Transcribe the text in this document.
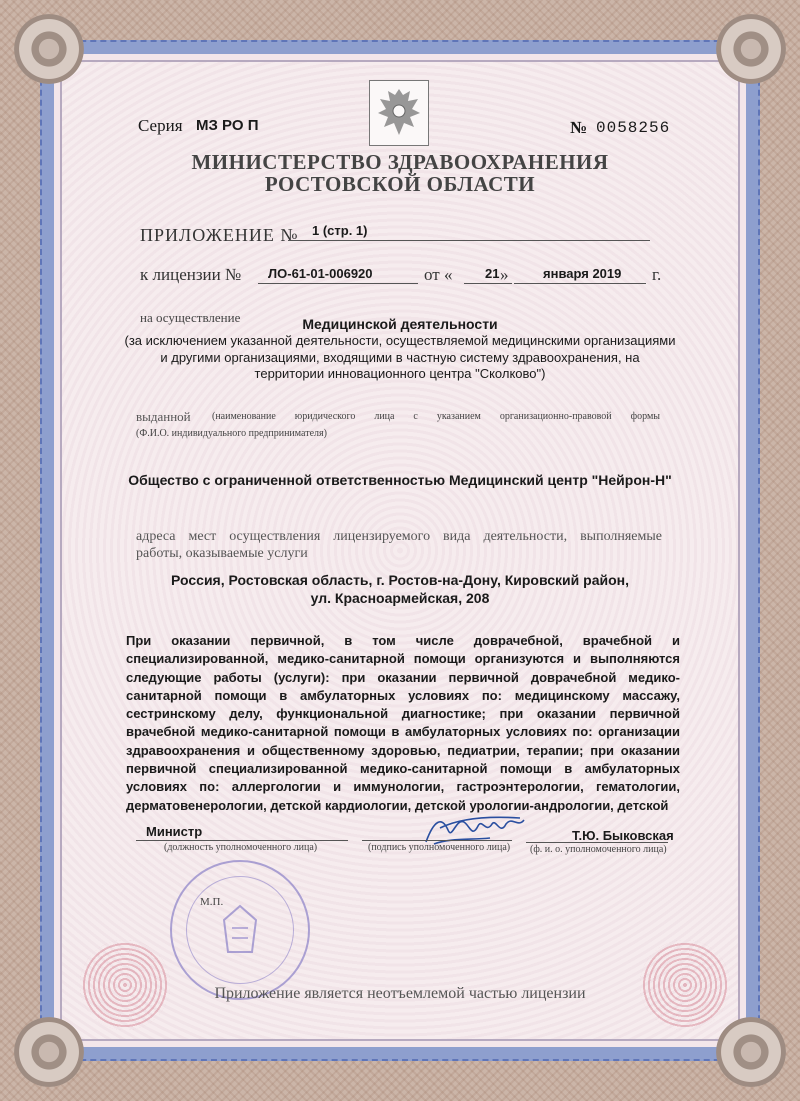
Серия МЗ РО П	№ 0058256
МИНИСТЕРСТВО ЗДРАВООХРАНЕНИЯ
РОСТОВСКОЙ ОБЛАСТИ
ПРИЛОЖЕНИЕ № 1 (стр. 1)
к лицензии № ЛО-61-01-006920	от «	21 »	января 2019 г.
на осуществление	Медицинской деятельности
(за исключением указанной деятельности, осуществляемой медицинскими организациями
и другими организациями, входящими в частную систему здравоохранения, на
территории инновационного центра "Сколково")
выданной (наименование юридического лица с указанием организационно-правовой формы
(Ф.И.О. индивидуального предпринимателя)
Общество с ограниченной ответственностью Медицинский центр "Нейрон-Н"
адреса мест осуществления лицензируемого вида деятельности, выполняемые
работы, оказываемые услуги
Россия, Ростовская область, г. Ростов-на-Дону, Кировский район,
ул. Красноармейская, 208
При оказании первичной, в том числе доврачебной, врачебной и
специализированной, медико-санитарной помощи организуются и выполняются
следующие работы (услуги): при оказании первичной доврачебной медико-
санитарной помощи в амбулаторных условиях по: медицинскому массажу,
сестринскому делу, функциональной диагностике; при оказании первичной
врачебной медико-санитарной помощи в амбулаторных условиях по: организации
здравоохранения и общественному здоровью, педиатрии, терапии; при оказании
первичной специализированной медико-санитарной помощи в амбулаторных
условиях по: аллергологии и иммунологии, гастроэнтерологии, гематологии,
дерматовенерологии, детской кардиологии, детской урологии-андрологии, детской
Министр
(должность уполномоченного лица)	(подпись уполномоченного лица)
Т.Ю. Быковская
(ф. и. о. уполномоченного лица)
М.П.
Приложение является неотъемлемой частью лицензии
